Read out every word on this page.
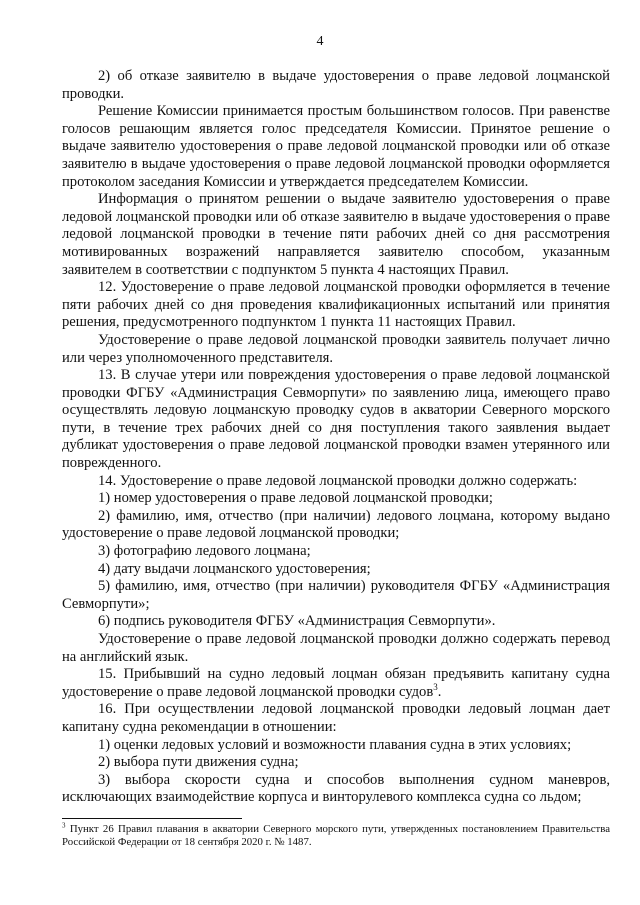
4

2) об отказе заявителю в выдаче удостоверения о праве ледовой лоцманской проводки.

Решение Комиссии принимается простым большинством голосов. При равенстве голосов решающим является голос председателя Комиссии. Принятое решение о выдаче заявителю удостоверения о праве ледовой лоцманской проводки или об отказе заявителю в выдаче удостоверения о праве ледовой лоцманской проводки оформляется протоколом заседания Комиссии и утверждается председателем Комиссии.

Информация о принятом решении о выдаче заявителю удостоверения о праве ледовой лоцманской проводки или об отказе заявителю в выдаче удостоверения о праве ледовой лоцманской проводки в течение пяти рабочих дней со дня рассмотрения мотивированных возражений направляется заявителю способом, указанным заявителем в соответствии с подпунктом 5 пункта 4 настоящих Правил.

12. Удостоверение о праве ледовой лоцманской проводки оформляется в течение пяти рабочих дней со дня проведения квалификационных испытаний или принятия решения, предусмотренного подпунктом 1 пункта 11 настоящих Правил.

Удостоверение о праве ледовой лоцманской проводки заявитель получает лично или через уполномоченного представителя.

13. В случае утери или повреждения удостоверения о праве ледовой лоцманской проводки ФГБУ «Администрация Севморпути» по заявлению лица, имеющего право осуществлять ледовую лоцманскую проводку судов в акватории Северного морского пути, в течение трех рабочих дней со дня поступления такого заявления выдает дубликат удостоверения о праве ледовой лоцманской проводки взамен утерянного или поврежденного.

14. Удостоверение о праве ледовой лоцманской проводки должно содержать:

1) номер удостоверения о праве ледовой лоцманской проводки;

2) фамилию, имя, отчество (при наличии) ледового лоцмана, которому выдано удостоверение о праве ледовой лоцманской проводки;

3) фотографию ледового лоцмана;

4) дату выдачи лоцманского удостоверения;

5) фамилию, имя, отчество (при наличии) руководителя ФГБУ «Администрация Севморпути»;

6) подпись руководителя ФГБУ «Администрация Севморпути».

Удостоверение о праве ледовой лоцманской проводки должно содержать перевод на английский язык.

15. Прибывший на судно ледовый лоцман обязан предъявить капитану судна удостоверение о праве ледовой лоцманской проводки судов$^3$.

16. При осуществлении ледовой лоцманской проводки ледовый лоцман дает капитану судна рекомендации в отношении:

1) оценки ледовых условий и возможности плавания судна в этих условиях;

2) выбора пути движения судна;

3) выбора скорости судна и способов выполнения судном маневров, исключающих взаимодействие корпуса и винторулевого комплекса судна со льдом;

$^3$ Пункт 26 Правил плавания в акватории Северного морского пути, утвержденных постановлением Правительства Российской Федерации от 18 сентября 2020 г. № 1487.
